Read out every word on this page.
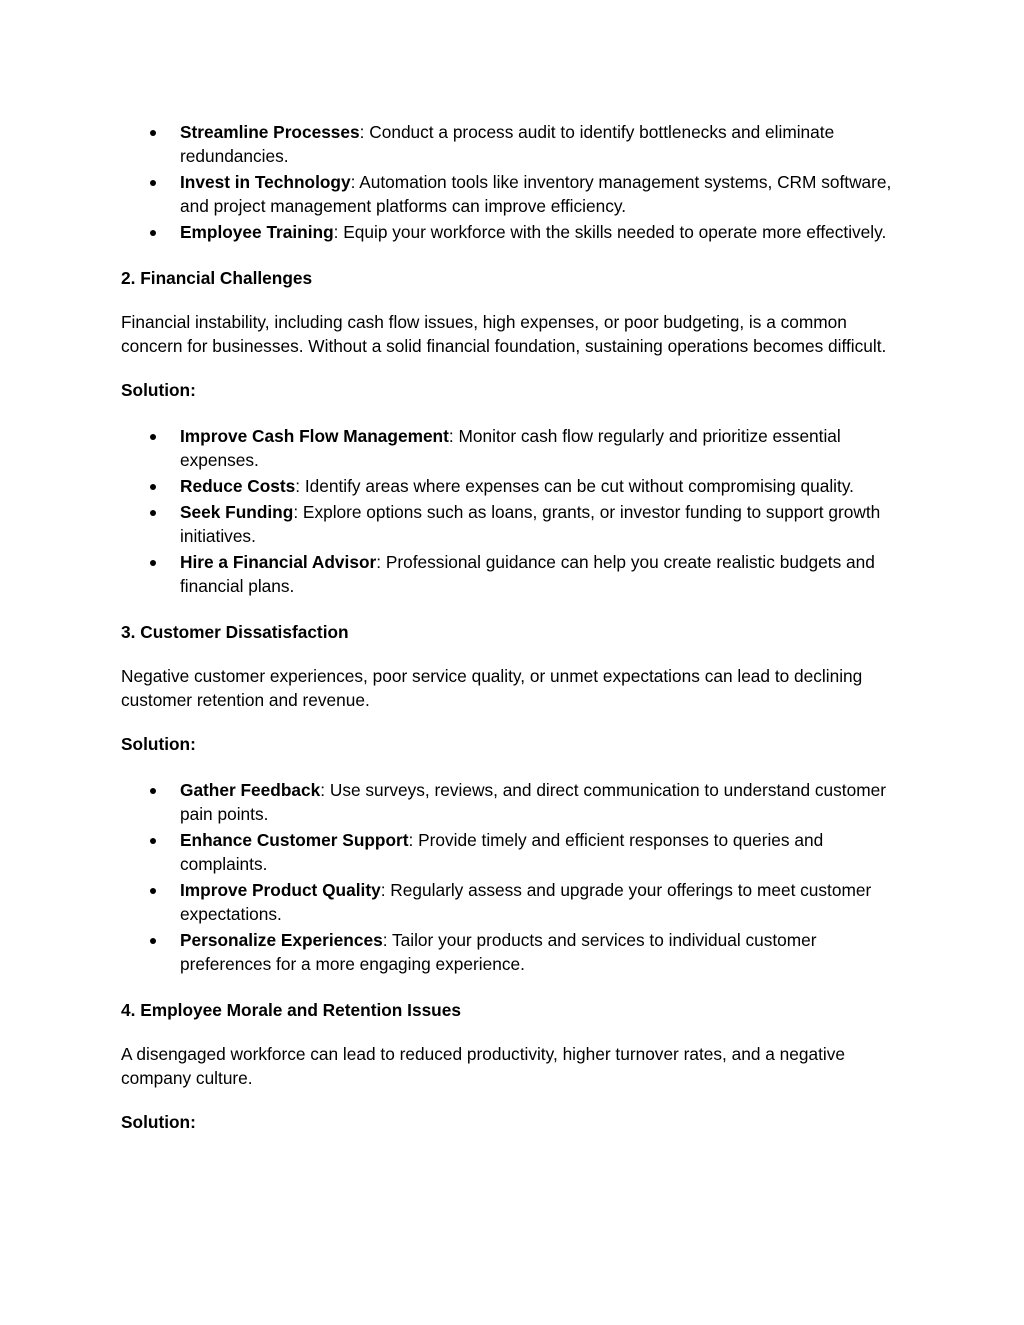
Streamline Processes: Conduct a process audit to identify bottlenecks and eliminate redundancies.
Invest in Technology: Automation tools like inventory management systems, CRM software, and project management platforms can improve efficiency.
Employee Training: Equip your workforce with the skills needed to operate more effectively.

2. Financial Challenges

Financial instability, including cash flow issues, high expenses, or poor budgeting, is a common concern for businesses. Without a solid financial foundation, sustaining operations becomes difficult.

Solution:

Improve Cash Flow Management: Monitor cash flow regularly and prioritize essential expenses.
Reduce Costs: Identify areas where expenses can be cut without compromising quality.
Seek Funding: Explore options such as loans, grants, or investor funding to support growth initiatives.
Hire a Financial Advisor: Professional guidance can help you create realistic budgets and financial plans.

3. Customer Dissatisfaction

Negative customer experiences, poor service quality, or unmet expectations can lead to declining customer retention and revenue.

Solution:

Gather Feedback: Use surveys, reviews, and direct communication to understand customer pain points.
Enhance Customer Support: Provide timely and efficient responses to queries and complaints.
Improve Product Quality: Regularly assess and upgrade your offerings to meet customer expectations.
Personalize Experiences: Tailor your products and services to individual customer preferences for a more engaging experience.

4. Employee Morale and Retention Issues

A disengaged workforce can lead to reduced productivity, higher turnover rates, and a negative company culture.

Solution:
